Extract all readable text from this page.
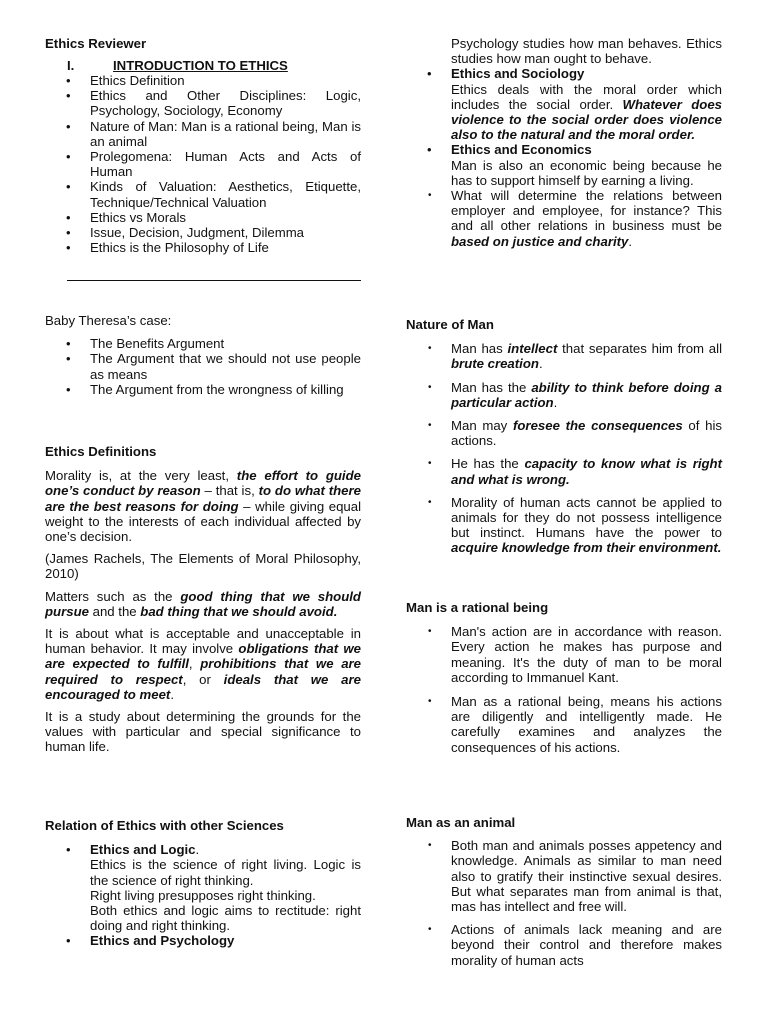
Ethics Reviewer
I.	INTRODUCTION TO ETHICS
• Ethics Definition
• Ethics and Other Disciplines: Logic, Psychology, Sociology, Economy
• Nature of Man: Man is a rational being, Man is an animal
• Prolegomena: Human Acts and Acts of Human
• Kinds of Valuation: Aesthetics, Etiquette, Technique/Technical Valuation
• Ethics vs Morals
• Issue, Decision, Judgment, Dilemma
• Ethics is the Philosophy of Life

Baby Theresa’s case:

• The Benefits Argument
• The Argument that we should not use people as means
• The Argument from the wrongness of killing
Ethics Definitions

Morality is, at the very least, the effort to guide one’s conduct by reason – that is, to do what there are the best reasons for doing – while giving equal weight to the interests of each individual affected by one’s decision.

(James Rachels, The Elements of Moral Philosophy, 2010)

Matters such as the good thing that we should pursue and the bad thing that we should avoid.

It is about what is acceptable and unacceptable in human behavior. It may involve obligations that we are expected to fulfill, prohibitions that we are required to respect, or ideals that we are encouraged to meet.

It is a study about determining the grounds for the values with particular and special significance to human life.

Relation of Ethics with other Sciences
• Ethics and Logic.

Ethics is the science of right living. Logic is the science of right thinking.

Right living presupposes right thinking.

Both ethics and logic aims to rectitude: right doing and right thinking.

• Ethics and Psychology

Psychology studies how man behaves. Ethics studies how man ought to behave.

• Ethics and Sociology

Ethics deals with the moral order which includes the social order. Whatever does violence to the social order does violence also to the natural and the moral order.

• Ethics and Economics

Man is also an economic being because he has to support himself by earning a living.

• What will determine the relations between employer and employee, for instance? This and all other relations in business must be based on justice and charity.
Nature of Man
• Man has intellect that separates him from all brute creation.
• Man has the ability to think before doing a particular action.
• Man may foresee the consequences of his actions.
• He has the capacity to know what is right and what is wrong.
• Morality of human acts cannot be applied to animals for they do not possess intelligence but instinct. Humans have the power to acquire knowledge from their environment.
Man is a rational being
• Man's action are in accordance with reason. Every action he makes has purpose and meaning. It's the duty of man to be moral according to Immanuel Kant.
• Man as a rational being, means his actions are diligently and intelligently made. He carefully examines and analyzes the consequences of his actions.
Man as an animal
• Both man and animals posses appetency and knowledge. Animals as similar to man need also to gratify their instinctive sexual desires. But what separates man from animal is that, mas has intellect and free will.
• Actions of animals lack meaning and are beyond their control and therefore makes morality of human acts
